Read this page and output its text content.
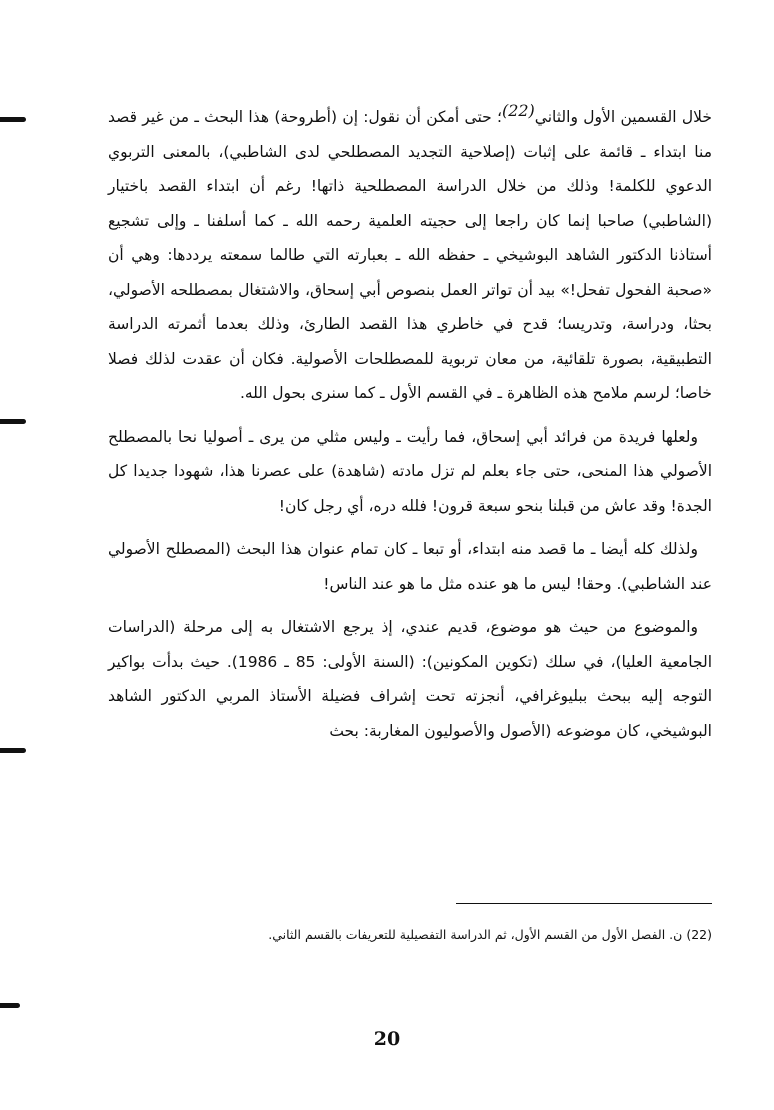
خلال القسمين الأول والثاني(22)؛ حتى أمكن أن نقول: إن (أطروحة) هذا البحث ـ من غير قصد منا ابتداء ـ قائمة على إثبات (إصلاحية التجديد المصطلحي لدى الشاطبي)، بالمعنى التربوي الدعوي للكلمة! وذلك من خلال الدراسة المصطلحية ذاتها! رغم أن ابتداء القصد باختيار (الشاطبي) صاحبا إنما كان راجعا إلى حجيته العلمية رحمه الله ـ كما أسلفنا ـ وإلى تشجيع أستاذنا الدكتور الشاهد البوشيخي ـ حفظه الله ـ بعبارته التي طالما سمعته يرددها: وهي أن «صحبة الفحول تفحل!» بيد أن تواتر العمل بنصوص أبي إسحاق، والاشتغال بمصطلحه الأصولي، بحثا، ودراسة، وتدريسا؛ قدح في خاطري هذا القصد الطارئ، وذلك بعدما أثمرته الدراسة التطبيقية، بصورة تلقائية، من معان تربوية للمصطلحات الأصولية. فكان أن عقدت لذلك فصلا خاصا؛ لرسم ملامح هذه الظاهرة ـ في القسم الأول ـ كما سنرى بحول الله.

ولعلها فريدة من فرائد أبي إسحاق، فما رأيت ـ وليس مثلي من يرى ـ أصوليا نحا بالمصطلح الأصولي هذا المنحى، حتى جاء بعلم لم تزل مادته (شاهدة) على عصرنا هذا، شهودا جديدا كل الجدة! وقد عاش من قبلنا بنحو سبعة قرون! فلله دره، أي رجل كان!

ولذلك كله أيضا ـ ما قصد منه ابتداء، أو تبعا ـ كان تمام عنوان هذا البحث (المصطلح الأصولي عند الشاطبي). وحقا! ليس ما هو عنده مثل ما هو عند الناس!

والموضوع من حيث هو موضوع، قديم عندي، إذ يرجع الاشتغال به إلى مرحلة (الدراسات الجامعية العليا)، في سلك (تكوين المكونين): (السنة الأولى: 85 ـ 1986). حيث بدأت بواكير التوجه إليه ببحث ببليوغرافي، أنجزته تحت إشراف فضيلة الأستاذ المربي الدكتور الشاهد البوشيخي، كان موضوعه (الأصول والأصوليون المغاربة: بحث

(22) ن. الفصل الأول من القسم الأول، ثم الدراسة التفصيلية للتعريفات بالقسم الثاني.
20
